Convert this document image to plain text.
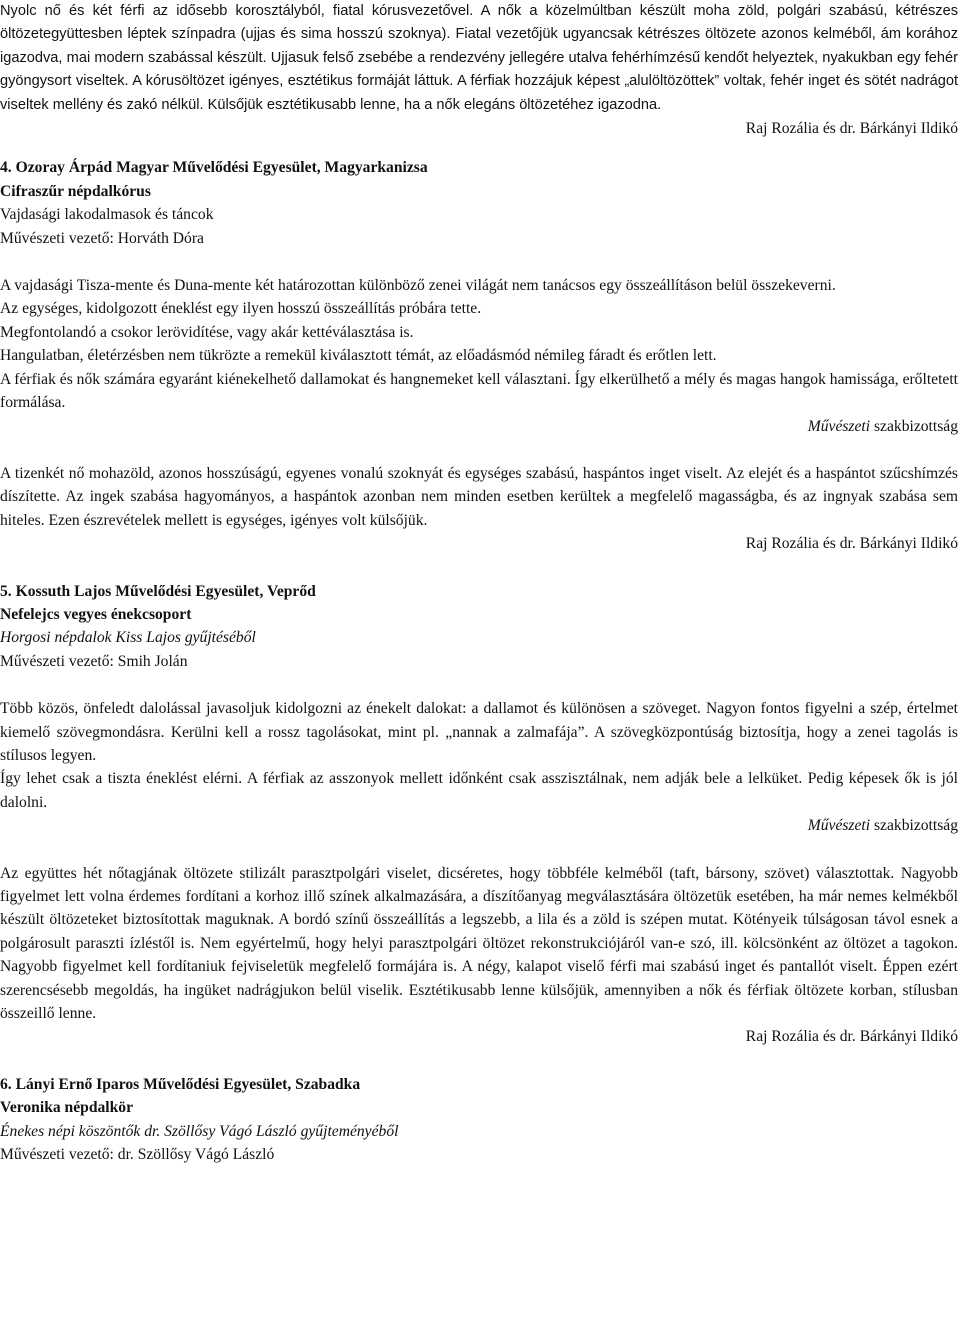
Nyolc nő és két férfi az idősebb korosztályból, fiatal kórusvezetővel. A nők a közelmúltban készült moha zöld, polgári szabású, kétrészes öltözetegyüttesben léptek színpadra (ujjas és sima hosszú szoknya). Fiatal vezetőjük ugyancsak kétrészes öltözete azonos kelméből, ám korához igazodva, mai modern szabással készült. Ujjasuk felső zsebébe a rendezvény jellegére utalva fehérhímzésű kendőt helyeztek, nyakukban egy fehér gyöngysort viseltek. A kórusöltözet igényes, esztétikus formáját láttuk. A férfiak hozzájuk képest „alulöltözöttek” voltak, fehér inget és sötét nadrágot viseltek mellény és zakó nélkül. Külsőjük esztétikusabb lenne, ha a nők elegáns öltözetéhez igazodna.

Raj Rozália és dr. Bárkányi Ildikó

4. Ozoray Árpád Magyar Művelődési Egyesület, Magyarkanizsa

Cifraszűr népdalkórus

Vajdasági lakodalmasok és táncok

Művészeti vezető: Horváth Dóra

A vajdasági Tisza-mente és Duna-mente két határozottan különböző zenei világát nem tanácsos egy összeállításon belül összekeverni.

Az egységes, kidolgozott éneklést egy ilyen hosszú összeállítás próbára tette.

Megfontolandó a csokor lerövidítése, vagy akár kettéválasztása is.

Hangulatban, életérzésben nem tükrözte a remekül kiválasztott témát, az előadásmód némileg fáradt és erőtlen lett.

A férfiak és nők számára egyaránt kiénekelhető dallamokat és hangnemeket kell választani. Így elkerülhető a mély és magas hangok hamissága, erőltetett formálása.

Művészeti szakbizottság

A tizenkét nő mohazöld, azonos hosszúságú, egyenes vonalú szoknyát és egységes szabású, haspántos inget viselt. Az elejét és a haspántot szűcshímzés díszítette. Az ingek szabása hagyományos, a haspántok azonban nem minden esetben kerültek a megfelelő magasságba, és az ingnyak szabása sem hiteles. Ezen észrevételek mellett is egységes, igényes volt külsőjük.

Raj Rozália és dr. Bárkányi Ildikó

5. Kossuth Lajos Művelődési Egyesület, Veprőd

Nefelejcs vegyes énekcsoport

Horgosi népdalok Kiss Lajos gyűjtéséből

Művészeti vezető: Smih Jolán

Több közös, önfeledt dalolással javasoljuk kidolgozni az énekelt dalokat: a dallamot és különösen a szöveget. Nagyon fontos figyelni a szép, értelmet kiemelő szövegmondásra. Kerülni kell a rossz tagolásokat, mint pl. „nannak a zalmafája”. A szövegközpontúság biztosítja, hogy a zenei tagolás is stílusos legyen.

Így lehet csak a tiszta éneklést elérni. A férfiak az asszonyok mellett időnként csak asszisztálnak, nem adják bele a lelküket. Pedig képesek ők is jól dalolni.

Művészeti szakbizottság

Az együttes hét nőtagjának öltözete stilizált parasztpolgári viselet, dicséretes, hogy többféle kelméből (taft, bársony, szövet) választottak. Nagyobb figyelmet lett volna érdemes fordítani a korhoz illő színek alkalmazására, a díszítőanyag megválasztására öltözetük esetében, ha már nemes kelmékből készült öltözeteket biztosítottak maguknak. A bordó színű összeállítás a legszebb, a lila és a zöld is szépen mutat. Kötényeik túlságosan távol esnek a polgárosult paraszti ízléstől is. Nem egyértelmű, hogy helyi parasztpolgári öltözet rekonstrukciójáról van-e szó, ill. kölcsönként az öltözet a tagokon. Nagyobb figyelmet kell fordítaniuk fejviseletük megfelelő formájára is. A négy, kalapot viselő férfi mai szabású inget és pantallót viselt. Éppen ezért szerencsésebb megoldás, ha ingüket nadrágjukon belül viselik. Esztétikusabb lenne külsőjük, amennyiben a nők és férfiak öltözete korban, stílusban összeillő lenne.

Raj Rozália és dr. Bárkányi Ildikó

6. Lányi Ernő Iparos Művelődési Egyesület, Szabadka

Veronika népdalkör

Énekes népi köszöntők dr. Szöllősy Vágó László gyűjteményéből

Művészeti vezető: dr. Szöllősy Vágó László
